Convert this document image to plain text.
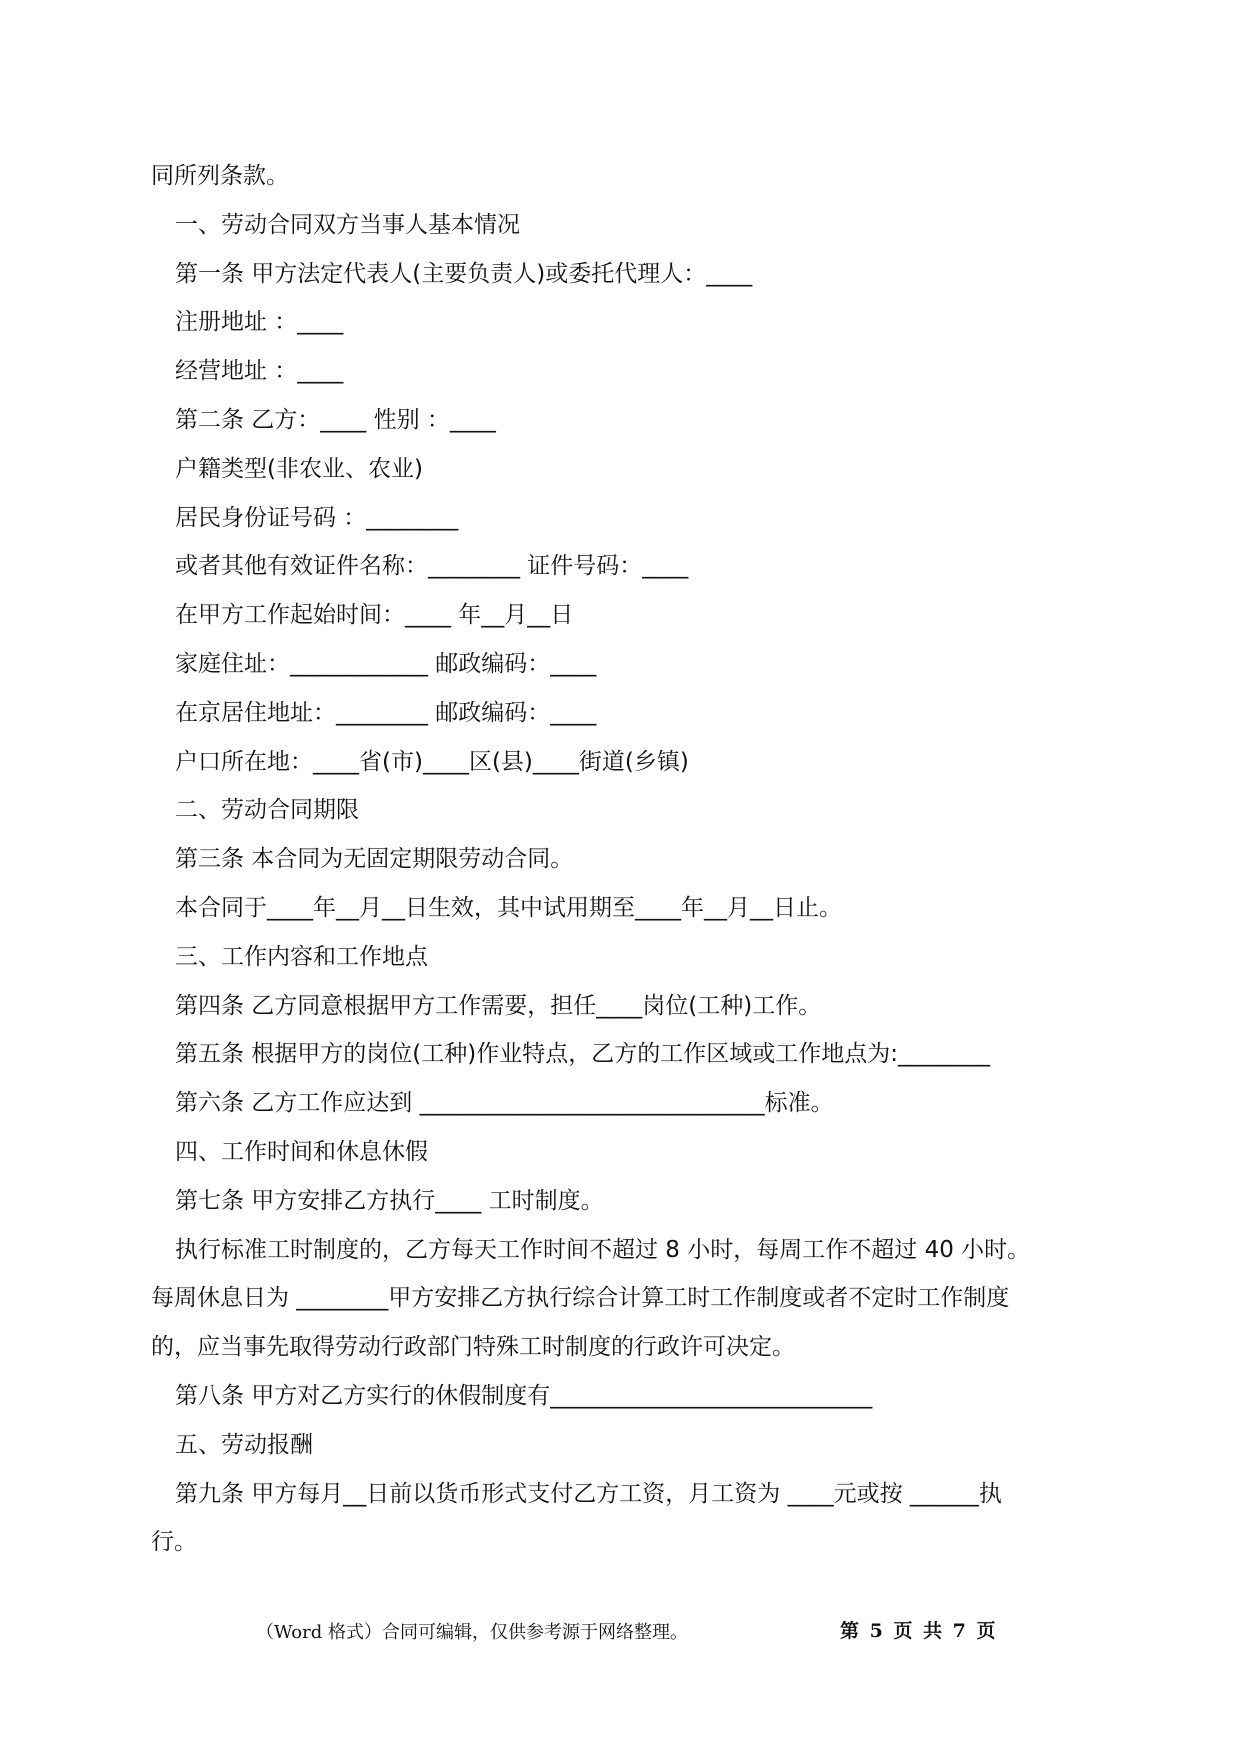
同所列条款。
一、劳动合同双方当事人基本情况
第一条 甲方法定代表人(主要负责人)或委托代理人：____
注册地址 ：____
经营地址 ：____
第二条 乙方：____ 性别 ：____
户籍类型(非农业、农业)
居民身份证号码 ：________
或者其他有效证件名称：________ 证件号码：____
在甲方工作起始时间：____ 年__月__日
家庭住址：____________ 邮政编码：____
在京居住地址：________ 邮政编码：____
户口所在地：____省(市)____区(县)____街道(乡镇)
二、劳动合同期限
第三条 本合同为无固定期限劳动合同。
本合同于____年__月__日生效，其中试用期至____年__月__日止。
三、工作内容和工作地点
第四条 乙方同意根据甲方工作需要，担任____岗位(工种)工作。
第五条 根据甲方的岗位(工种)作业特点，乙方的工作区域或工作地点为:________
第六条 乙方工作应达到 ______________________________标准。
四、工作时间和休息休假
第七条 甲方安排乙方执行____ 工时制度。
执行标准工时制度的，乙方每天工作时间不超过 8 小时，每周工作不超过 40 小时。
每周休息日为 ________甲方安排乙方执行综合计算工时工作制度或者不定时工作制度
的，应当事先取得劳动行政部门特殊工时制度的行政许可决定。
第八条 甲方对乙方实行的休假制度有____________________________
五、劳动报酬
第九条 甲方每月__日前以货币形式支付乙方工资，月工资为 ____元或按 ______执
行。
（Word 格式）合同可编辑，仅供参考源于网络整理。	第 5 页 共 7 页
